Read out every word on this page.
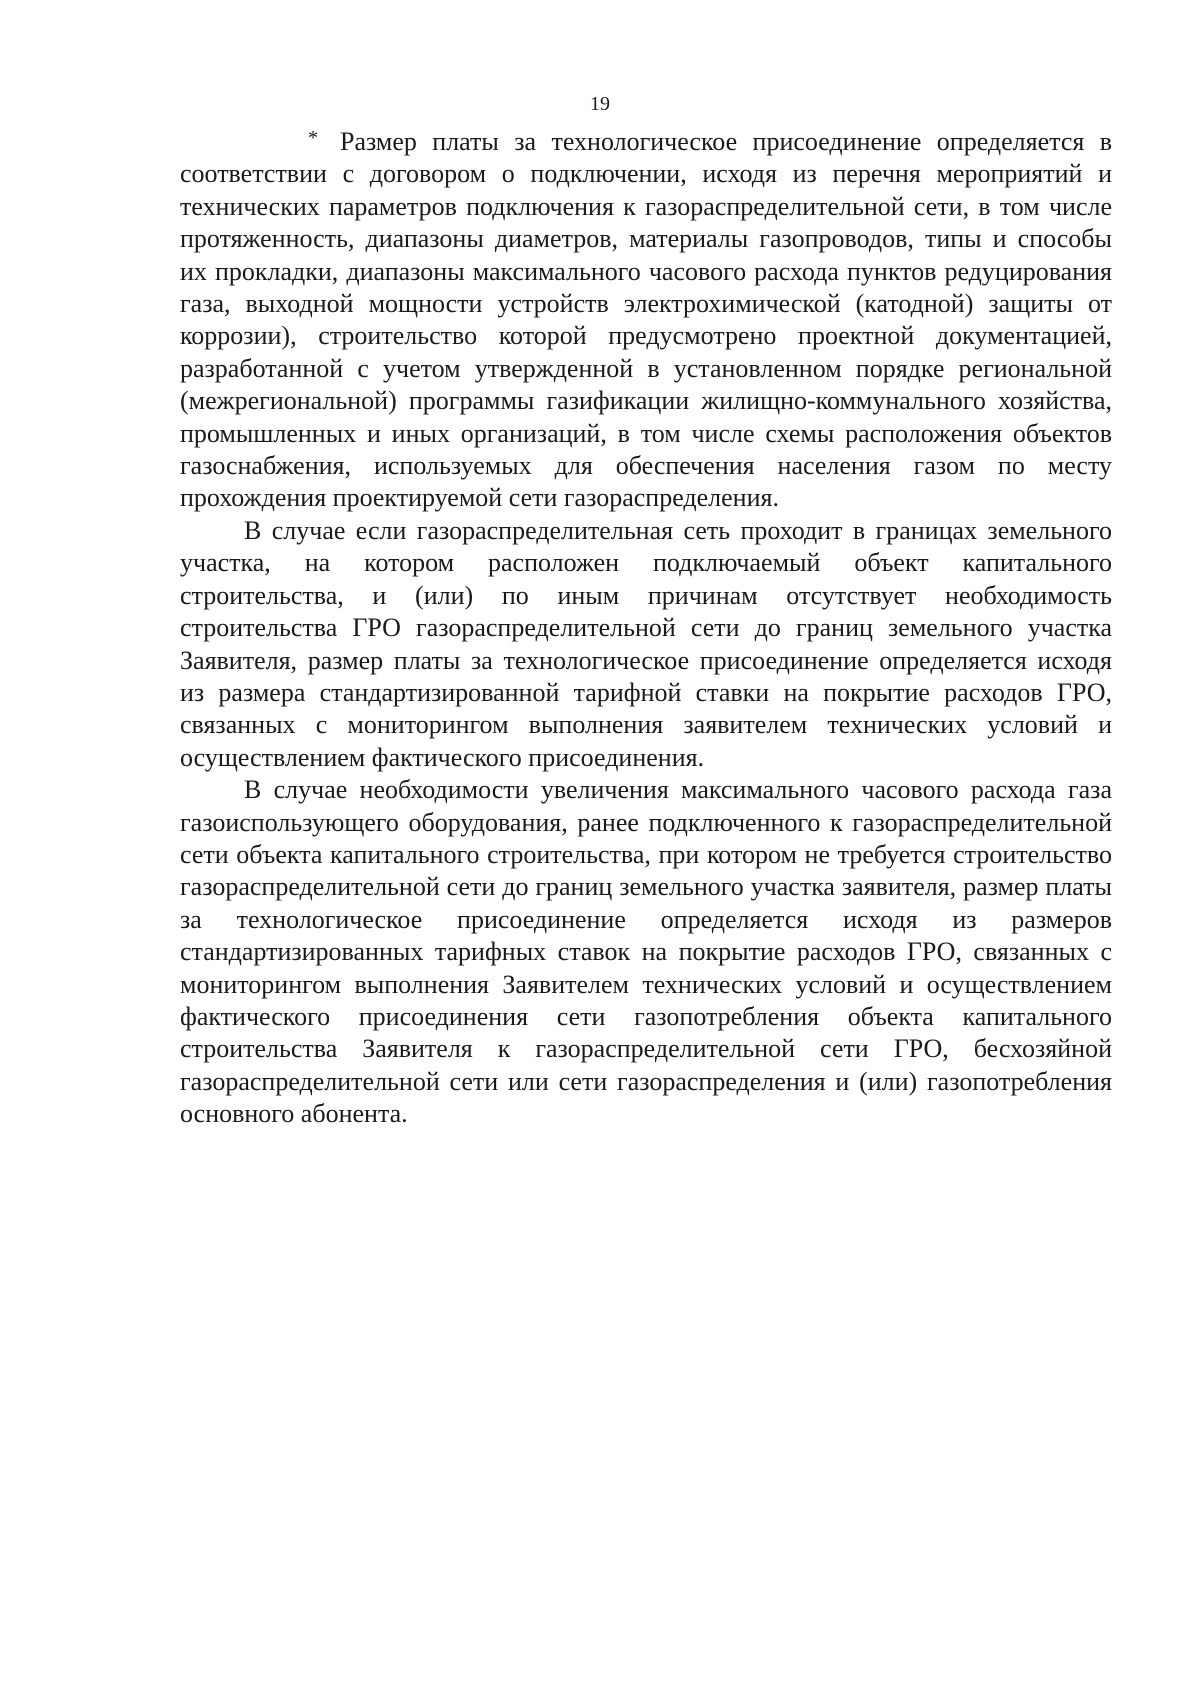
19

* Размер платы за технологическое присоединение определяется в соответствии с договором о подключении, исходя из перечня мероприятий и технических параметров подключения к газораспределительной сети, в том числе протяженность, диапазоны диаметров, материалы газопроводов, типы и способы их прокладки, диапазоны максимального часового расхода пунктов редуцирования газа, выходной мощности устройств электрохимической (катодной) защиты от коррозии), строительство которой предусмотрено проектной документацией, разработанной с учетом утвержденной в установленном порядке региональной (межрегиональной) программы газификации жилищно-коммунального хозяйства, промышленных и иных организаций, в том числе схемы расположения объектов газоснабжения, используемых для обеспечения населения газом по месту прохождения проектируемой сети газораспределения.

В случае если газораспределительная сеть проходит в границах земельного участка, на котором расположен подключаемый объект капитального строительства, и (или) по иным причинам отсутствует необходимость строительства ГРО газораспределительной сети до границ земельного участка Заявителя, размер платы за технологическое присоединение определяется исходя из размера стандартизированной тарифной ставки на покрытие расходов ГРО, связанных с мониторингом выполнения заявителем технических условий и осуществлением фактического присоединения.

В случае необходимости увеличения максимального часового расхода газа газоиспользующего оборудования, ранее подключенного к газораспределительной сети объекта капитального строительства, при котором не требуется строительство газораспределительной сети до границ земельного участка заявителя, размер платы за технологическое присоединение определяется исходя из размеров стандартизированных тарифных ставок на покрытие расходов ГРО, связанных с мониторингом выполнения Заявителем технических условий и осуществлением фактического присоединения сети газопотребления объекта капитального строительства Заявителя к газораспределительной сети ГРО, бесхозяйной газораспределительной сети или сети газораспределения и (или) газопотребления основного абонента.
